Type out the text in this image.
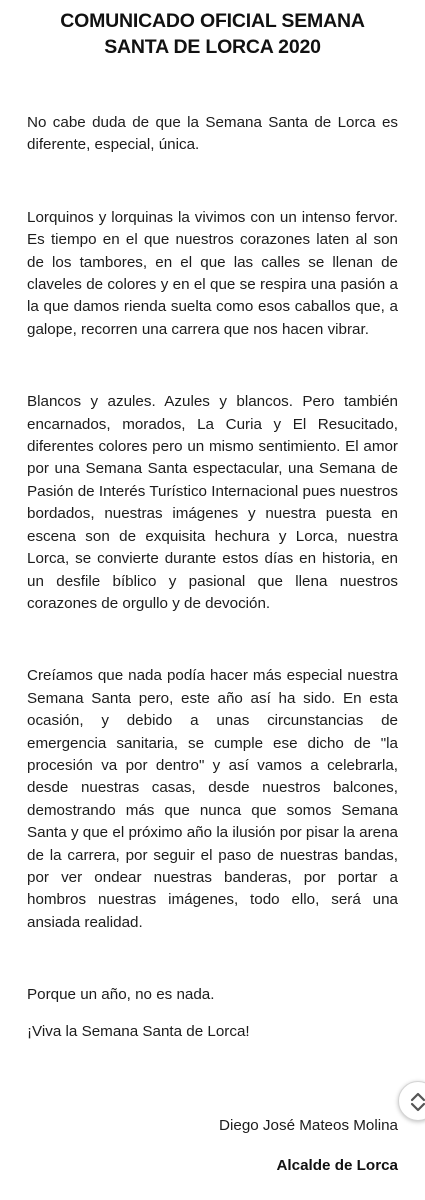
COMUNICADO OFICIAL SEMANA SANTA DE LORCA 2020

No cabe duda de que la Semana Santa de Lorca es diferente, especial, única.

Lorquinos y lorquinas la vivimos con un intenso fervor. Es tiempo en el que nuestros corazones laten al son de los tambores, en el que las calles se llenan de claveles de colores y en el que se respira una pasión a la que damos rienda suelta como esos caballos que, a galope, recorren una carrera que nos hacen vibrar.

Blancos y azules. Azules y blancos. Pero también encarnados, morados, La Curia y El Resucitado, diferentes colores pero un mismo sentimiento. El amor por una Semana Santa espectacular, una Semana de Pasión de Interés Turístico Internacional pues nuestros bordados, nuestras imágenes y nuestra puesta en escena son de exquisita hechura y Lorca, nuestra Lorca, se convierte durante estos días en historia, en un desfile bíblico y pasional que llena nuestros corazones de orgullo y de devoción.

Creíamos que nada podía hacer más especial nuestra Semana Santa pero, este año así ha sido. En esta ocasión, y debido a unas circunstancias de emergencia sanitaria, se cumple ese dicho de "la procesión va por dentro" y así vamos a celebrarla, desde nuestras casas, desde nuestros balcones, demostrando más que nunca que somos Semana Santa y que el próximo año la ilusión por pisar la arena de la carrera, por seguir el paso de nuestras bandas, por ver ondear nuestras banderas, por portar a hombros nuestras imágenes, todo ello, será una ansiada realidad.

Porque un año, no es nada.

¡Viva la Semana Santa de Lorca!

Diego José Mateos Molina
Alcalde de Lorca
